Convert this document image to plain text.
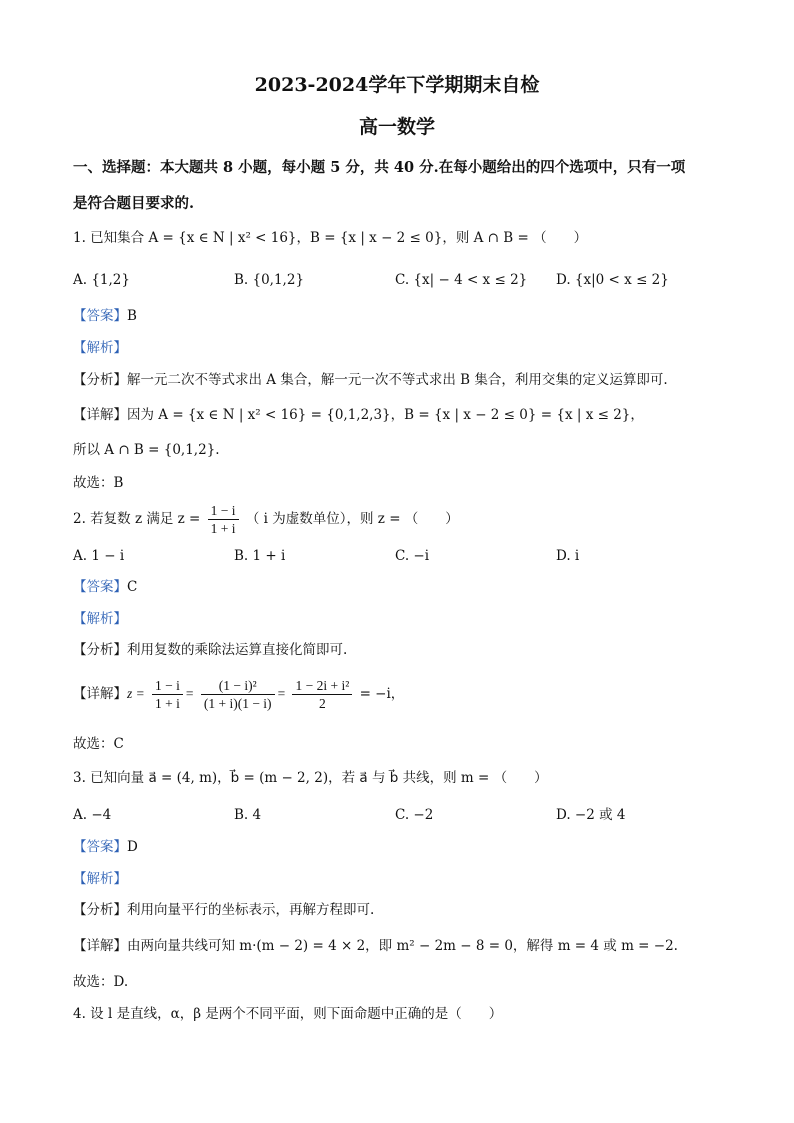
2023-2024学年下学期期末自检
高一数学
一、选择题：本大题共 8 小题，每小题 5 分，共 40 分.在每小题给出的四个选项中，只有一项
是符合题目要求的.
1. 已知集合 A = {x ∈ N | x² < 16}，B = {x | x − 2 ≤ 0}，则 A ∩ B = （　　）
A. {1,2}	B. {0,1,2}	C. {x| − 4 < x ≤ 2}	D. {x|0 < x ≤ 2}
【答案】B
【解析】
【分析】解一元二次不等式求出 A 集合，解一元一次不等式求出 B 集合，利用交集的定义运算即可.
【详解】因为 A = {x ∈ N | x² < 16} = {0,1,2,3}，B = {x | x − 2 ≤ 0} = {x | x ≤ 2}，
所以 A ∩ B = {0,1,2}.
故选：B
2. 若复数 z 满足 $z = \frac{1 - i}{1 + i}$ （ i 为虚数单位），则 z = （　　）
A. 1 − i	B. 1 + i	C. −i	D. i
【答案】C
【解析】
【分析】利用复数的乘除法运算直接化简即可.
【详解】$z = \frac{1 - i}{1 + i} = \frac{\text{(1 − i)²}}{(1 + i)(1 - i)} = \frac{\text{1 − 2i + i²}}{2} = -i$，
故选：C
3. 已知向量 a⃗ = (4, m)，b⃗ = (m − 2, 2)，若 a⃗ 与 b⃗ 共线，则 m = （　　）
A. −4	B. 4	C. −2	D. −2 或 4
【答案】D
【解析】
【分析】利用向量平行的坐标表示，再解方程即可.
【详解】由两向量共线可知 m·(m − 2) = 4 × 2，即 m² − 2m − 8 = 0，解得 m = 4 或 m = −2.
故选：D.
4. 设 l 是直线，α，β 是两个不同平面，则下面命题中正确的是（　　）
